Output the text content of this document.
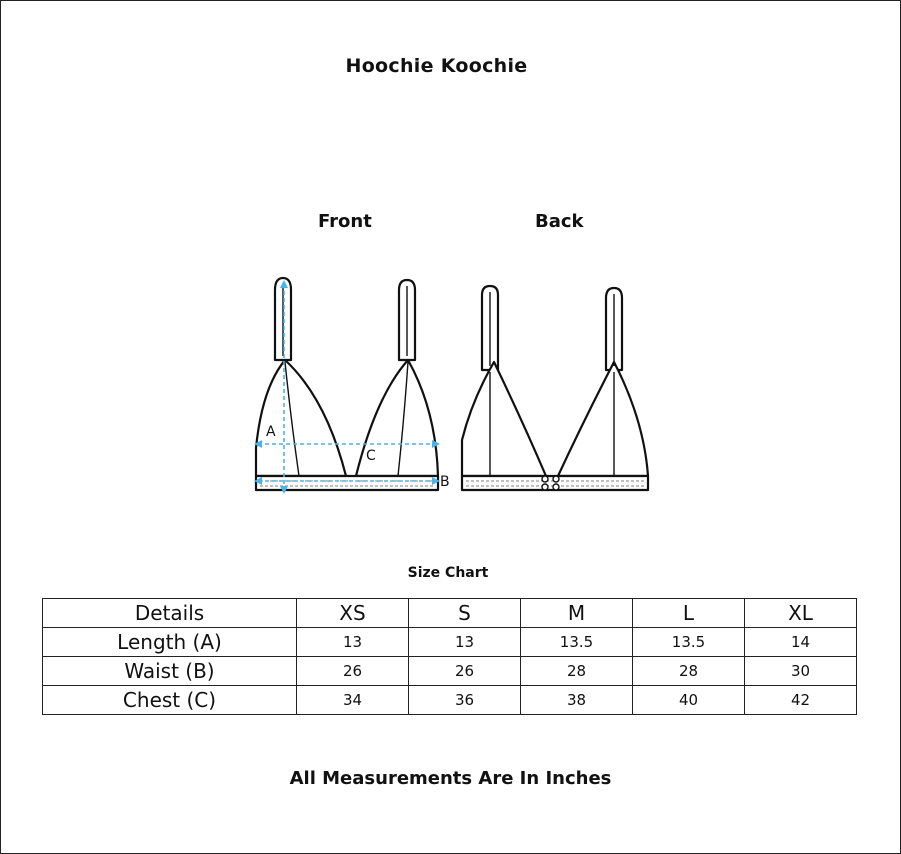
Hoochie Koochie
Front	Back
A
C
B
Size Chart
Details	XS	S	M	L	XL
Length (A)	13	13	13.5	13.5	14
Waist (B)	26	26	28	28	30
Chest (C)	34	36	38	40	42
All Measurements Are In Inches
